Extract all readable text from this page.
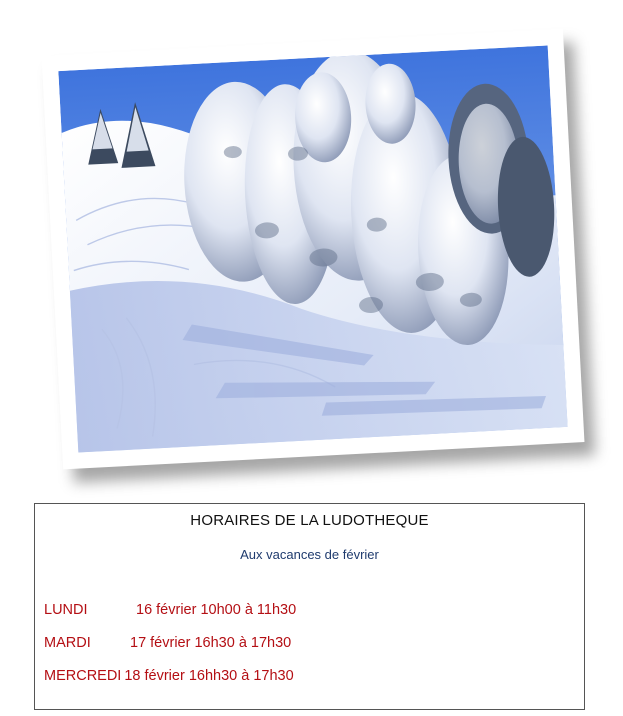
HORAIRES DE LA LUDOTHEQUE
Aux vacances de février
LUNDI	16 février 10h00 à 11h30
MARDI	17 février 16h30 à 17h30
MERCREDI 18 février 16hh30 à 17h30
